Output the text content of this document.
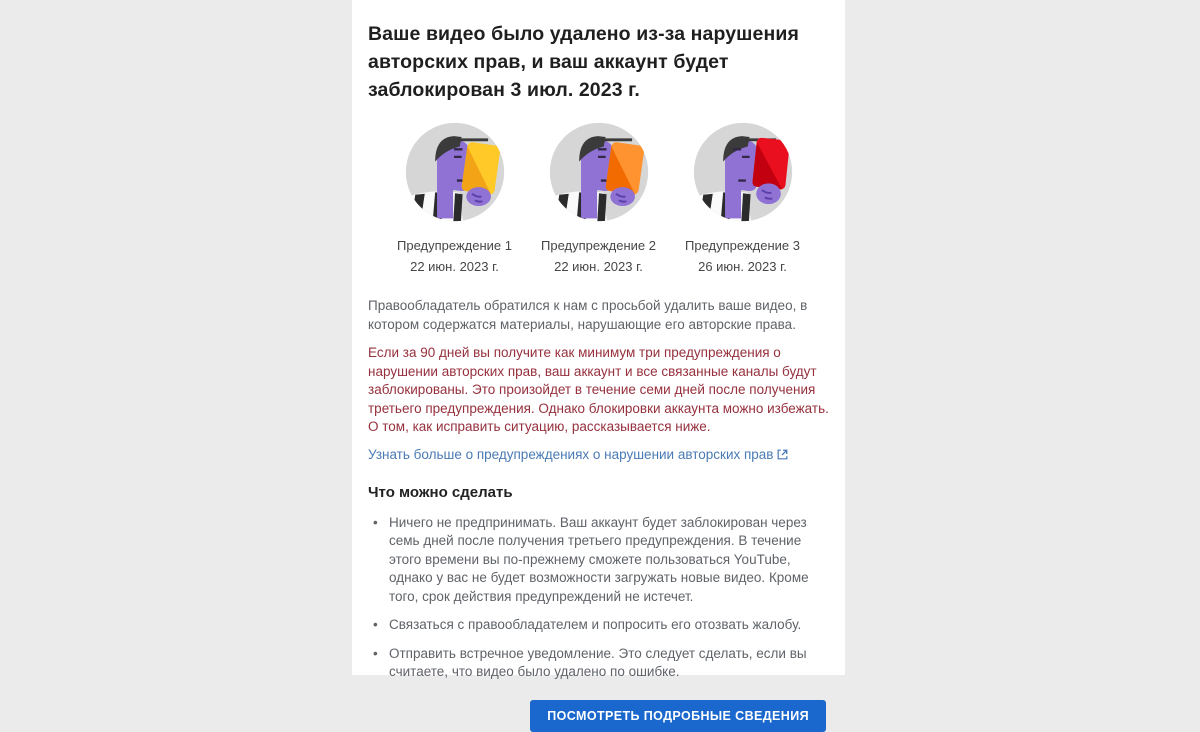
Ваше видео было удалено из-за нарушения авторских прав, и ваш аккаунт будет заблокирован 3 июл. 2023 г.
Предупреждение 1
22 июн. 2023 г.
Предупреждение 2
22 июн. 2023 г.
Предупреждение 3
26 июн. 2023 г.

Правообладатель обратился к нам с просьбой удалить ваше видео, в котором содержатся материалы, нарушающие его авторские права.

Если за 90 дней вы получите как минимум три предупреждения о нарушении авторских прав, ваш аккаунт и все связанные каналы будут заблокированы. Это произойдет в течение семи дней после получения третьего предупреждения. Однако блокировки аккаунта можно избежать. О том, как исправить ситуацию, рассказывается ниже.

Узнать больше о предупреждениях о нарушении авторских прав
Что можно сделать
• Ничего не предпринимать. Ваш аккаунт будет заблокирован через семь дней после получения третьего предупреждения. В течение этого времени вы по-прежнему сможете пользоваться YouTube, однако у вас не будет возможности загружать новые видео. Кроме того, срок действия предупреждений не истечет.
• Связаться с правообладателем и попросить его отозвать жалобу.
• Отправить встречное уведомление. Это следует сделать, если вы считаете, что видео было удалено по ошибке.
ПОСМОТРЕТЬ ПОДРОБНЫЕ СВЕДЕНИЯ
